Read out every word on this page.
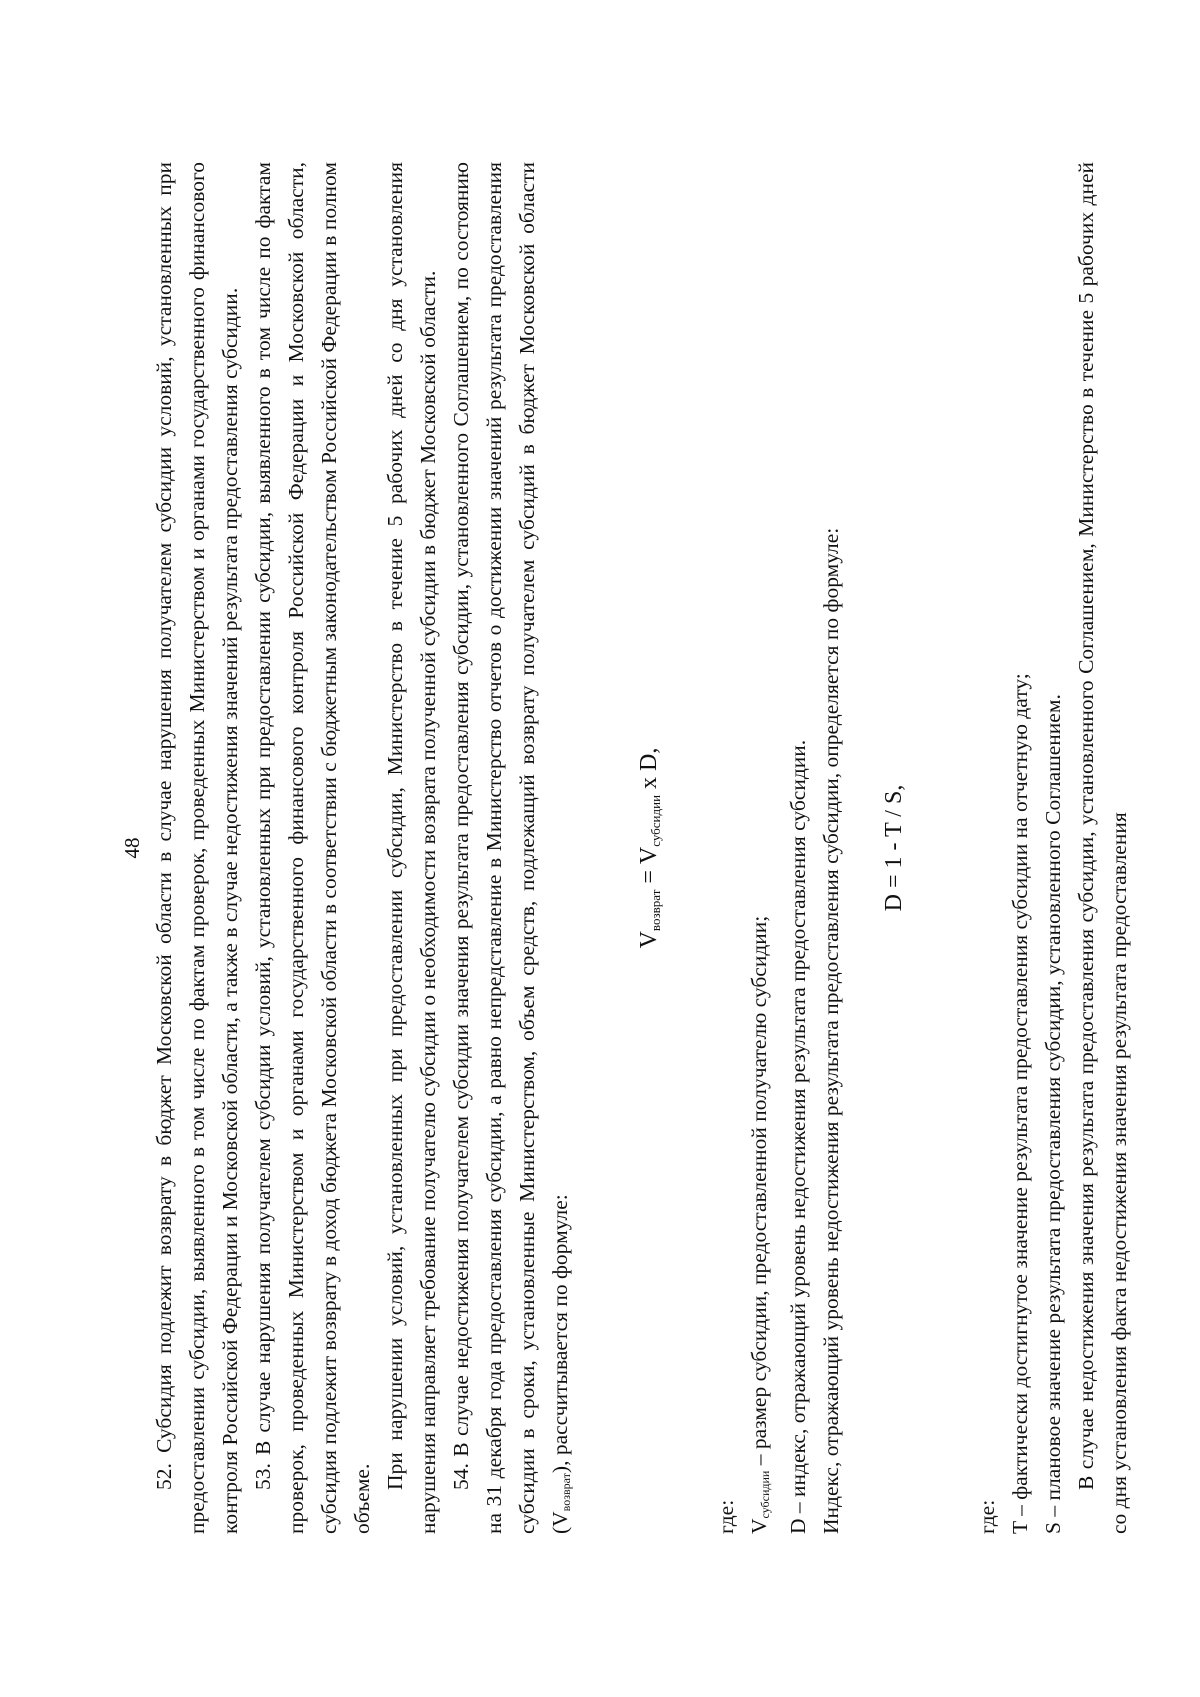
48 52. Субсидия подлежит возврату в бюджет Московской области в случае нарушения получателем субсидии условий, установленных при предоставлении субсидии, выявленного в том числе по фактам проверок, проведенных Министерством и органами государственного финансового контроля Российской Федерации и Московской области, а также в случае недостижения значений результата предоставления субсидии. 53. В случае нарушения получателем субсидии условий, установленных при предоставлении субсидии, выявленного в том числе по фактам проверок, проведенных Министерством и органами государственного финансового контроля Российской Федерации и Московской области, субсидия подлежит возврату в доход бюджета Московской области в соответствии с бюджетным законодательством Российской Федерации в полном объеме.

При нарушении условий, установленных при предоставлении субсидии, Министерство в течение 5 рабочих дней со дня установления нарушения направляет требование получателю субсидии о необходимости возврата полученной субсидии в бюджет Московской области. 54. В случае недостижения получателем субсидии значения результата предоставления субсидии, установленного Соглашением, по состоянию на 31 декабря года предоставления субсидии, а равно непредставление в Министерство отчетов о достижении значений результата предоставления субсидии в сроки, установленные Министерством, объем средств, подлежащий возврату получателем субсидий в бюджет Московской области (Vвозврат), рассчитывается по формуле:

$V_{возврат} = V_{субсидии}$ x D,

где: Vсубсидии – размер субсидии, предоставленной получателю субсидии; D – индекс, отражающий уровень недостижения результата предоставления субсидии. Индекс, отражающий уровень недостижения результата предоставления субсидии, определяется по формуле: D = 1 - T / S,

где: T – фактически достигнутое значение результата предоставления субсидии на отчетную дату; S – плановое значение результата предоставления субсидии, установленного Соглашением. В случае недостижения значения результата предоставления субсидии, установленного Соглашением, Министерство в течение 5 рабочих дней со дня установления факта недостижения значения результата предоставления
